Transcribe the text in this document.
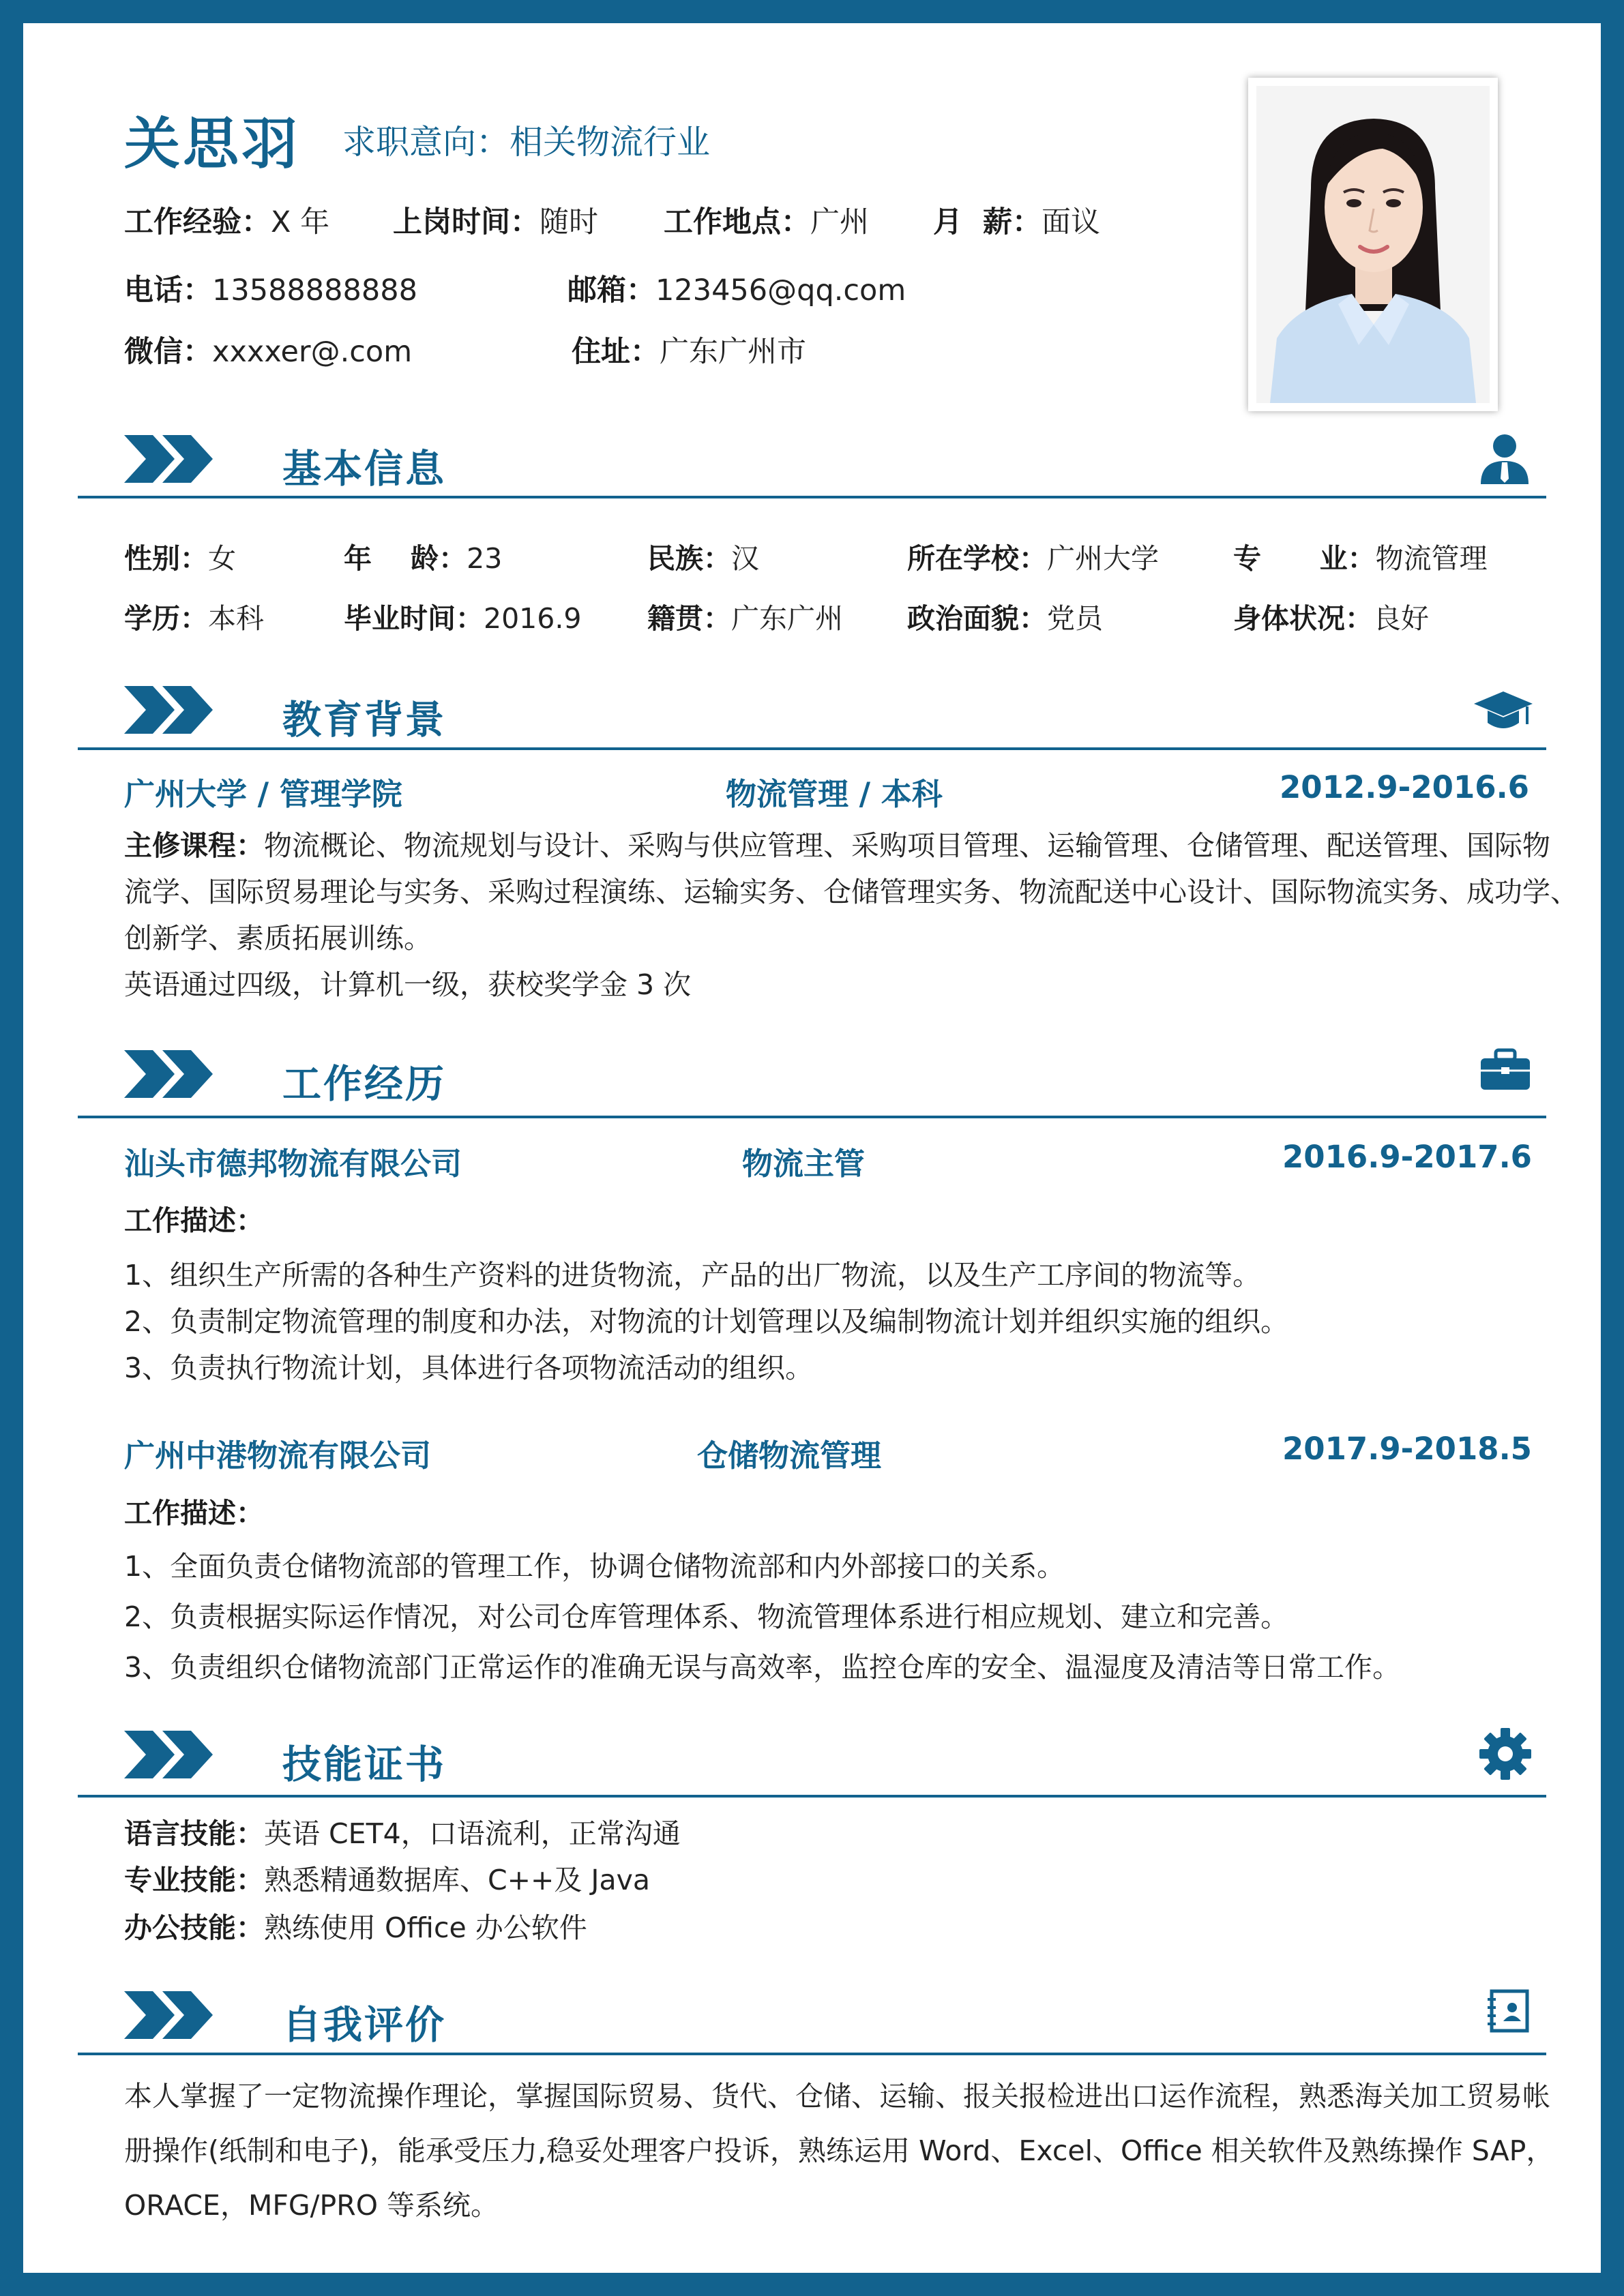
关思羽 求职意向：相关物流行业
工作经验：X 年 上岗时间：随时 工作地点：广州 月  薪：面议
电话：13588888888	邮箱：123456@qq.com
微信：xxxxer@.com	住址：广东广州市
基本信息
性别：女	年    龄：23	民族：汉	所在学校：广州大学	专      业：物流管理
学历：本科	毕业时间：2016.9 籍贯：广东广州 政治面貌：党员	身体状况：良好
教育背景
广州大学 / 管理学院	物流管理 / 本科	2012.9-2016.6
主修课程：物流概论、物流规划与设计、采购与供应管理、采购项目管理、运输管理、仓储管理、配送管理、国际物
流学、国际贸易理论与实务、采购过程演练、运输实务、仓储管理实务、物流配送中心设计、国际物流实务、成功学、
创新学、素质拓展训练。
英语通过四级，计算机一级，获校奖学金 3 次
工作经历
汕头市德邦物流有限公司	物流主管	2016.9-2017.6
工作描述：
1、组织生产所需的各种生产资料的进货物流，产品的出厂物流，以及生产工序间的物流等。
2、负责制定物流管理的制度和办法，对物流的计划管理以及编制物流计划并组织实施的组织。
3、负责执行物流计划，具体进行各项物流活动的组织。
广州中港物流有限公司	仓储物流管理	2017.9-2018.5
工作描述：
1、全面负责仓储物流部的管理工作，协调仓储物流部和内外部接口的关系。
2、负责根据实际运作情况，对公司仓库管理体系、物流管理体系进行相应规划、建立和完善。
3、负责组织仓储物流部门正常运作的准确无误与高效率，监控仓库的安全、温湿度及清洁等日常工作。
技能证书
语言技能：英语 CET4，口语流利，正常沟通
专业技能：熟悉精通数据库、C++及 Java
办公技能：熟练使用 Office 办公软件
自我评价
本人掌握了一定物流操作理论，掌握国际贸易、货代、仓储、运输、报关报检进出口运作流程，熟悉海关加工贸易帐
册操作(纸制和电子)，能承受压力,稳妥处理客户投诉，熟练运用 Word、Excel、Office 相关软件及熟练操作 SAP，
ORACE，MFG/PRO 等系统。
